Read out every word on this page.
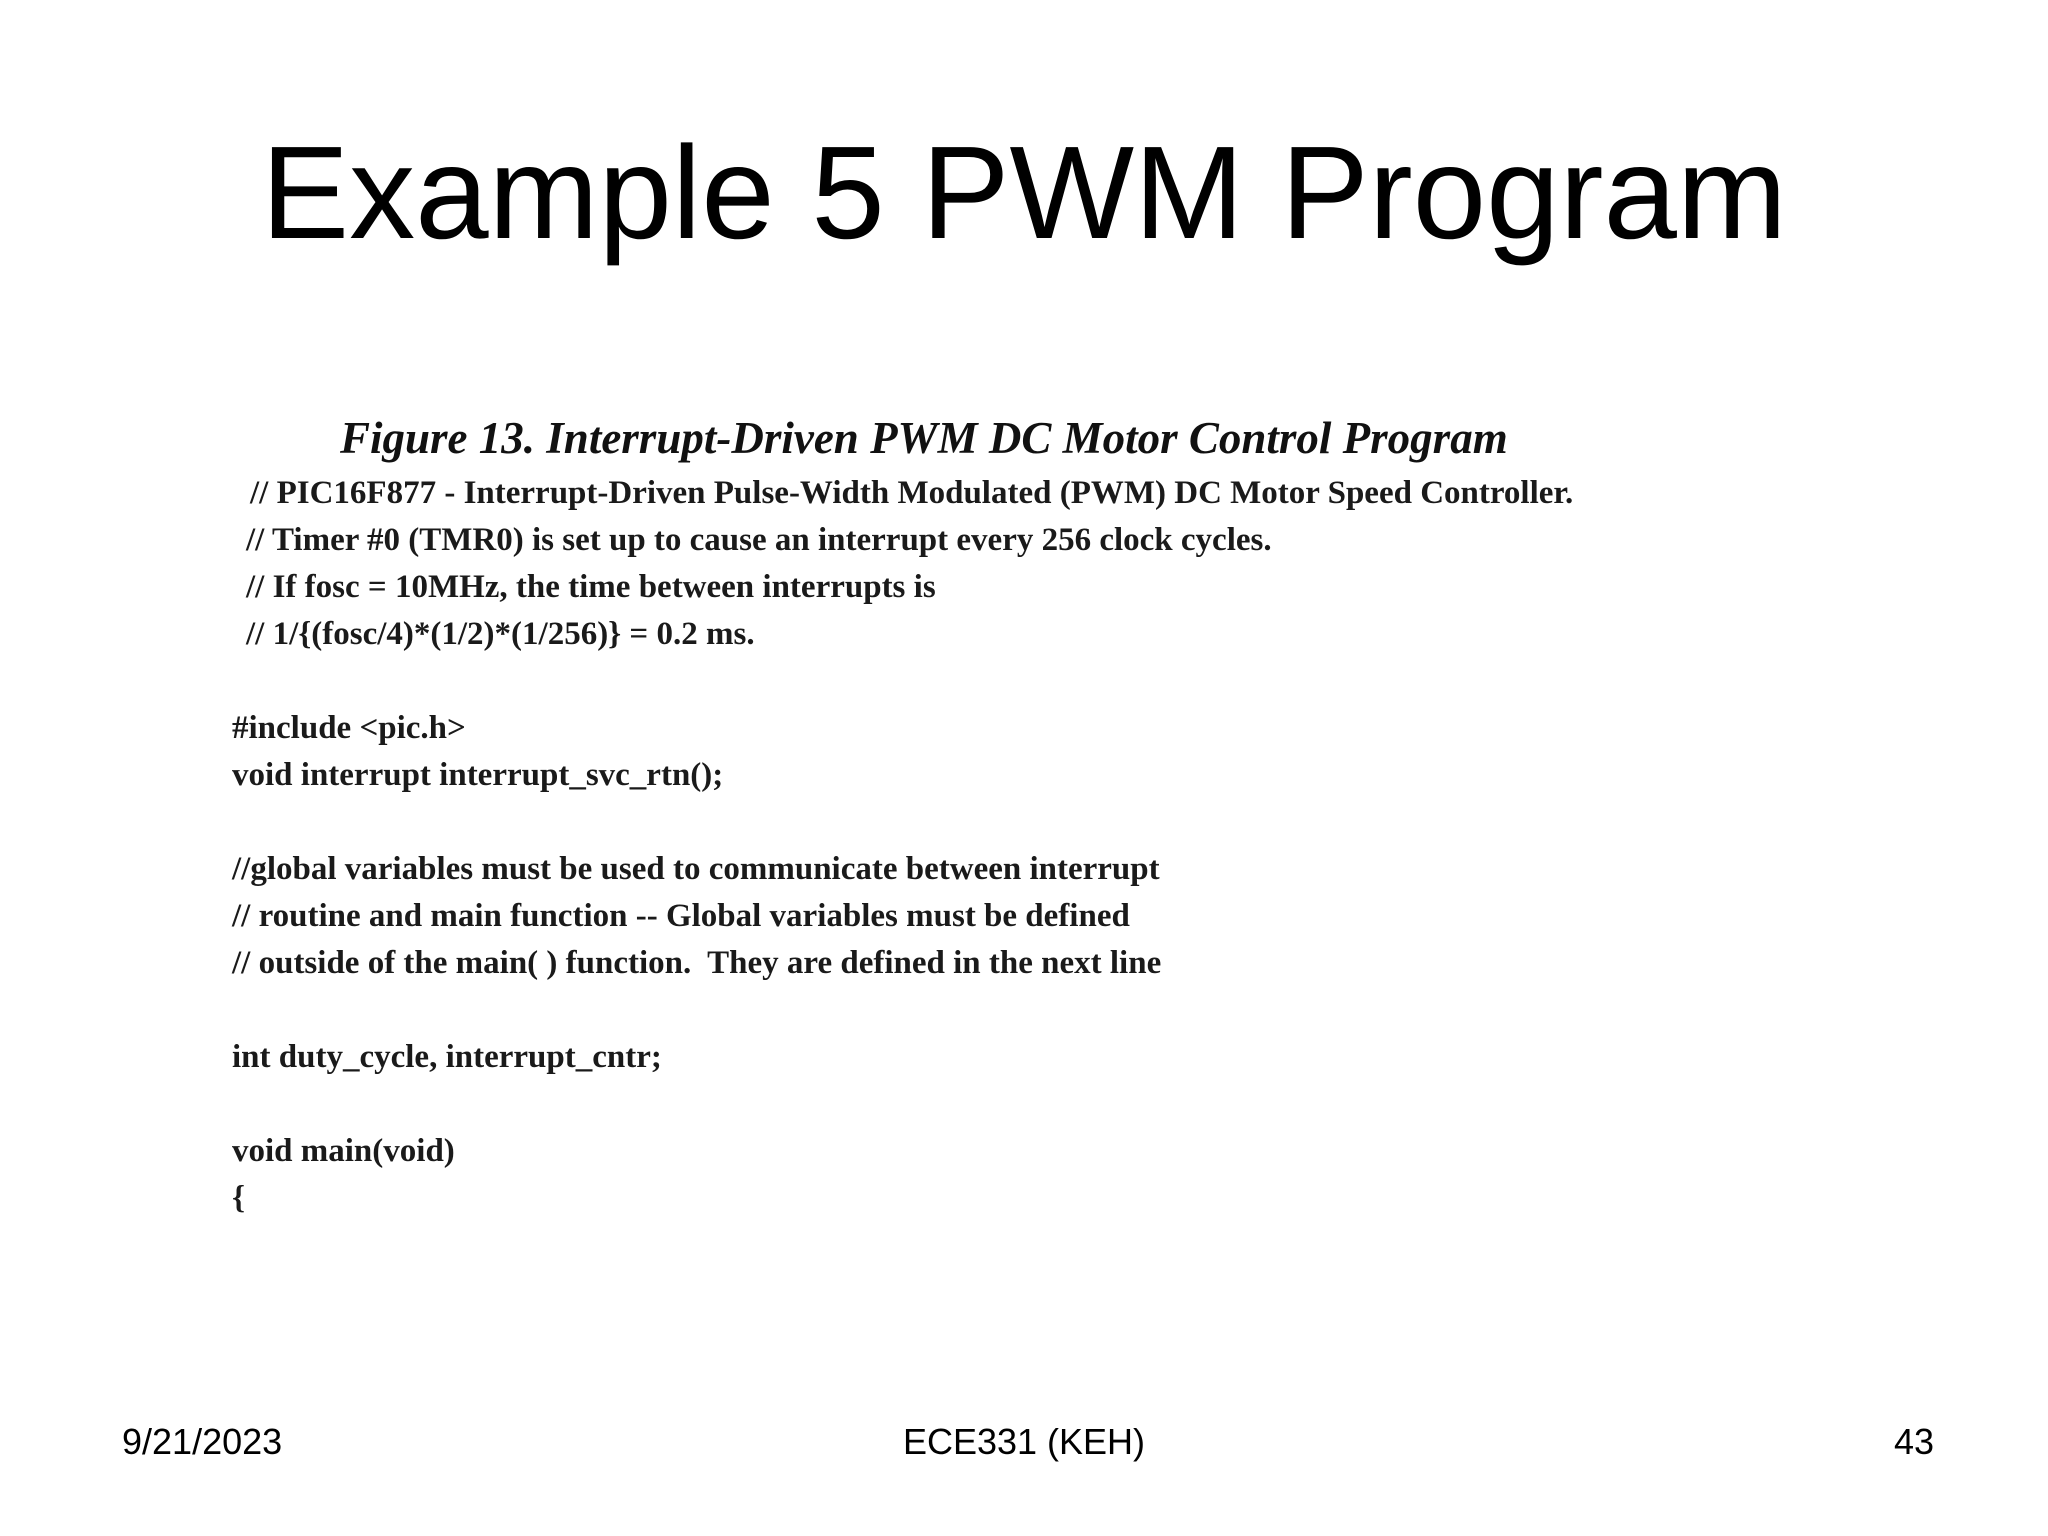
Example 5 PWM Program
Figure 13. Interrupt-Driven PWM DC Motor Control Program
// PIC16F877 - Interrupt-Driven Pulse-Width Modulated (PWM) DC Motor Speed Controller.
// Timer #0 (TMR0) is set up to cause an interrupt every 256 clock cycles.
// If fosc = 10MHz, the time between interrupts is
// 1/{(fosc/4)*(1/2)*(1/256)} = 0.2 ms.
#include <pic.h>
void interrupt interrupt_svc_rtn();
//global variables must be used to communicate between interrupt
// routine and main function -- Global variables must be defined
// outside of the main( ) function.  They are defined in the next line
int duty_cycle, interrupt_cntr;
void main(void)
{
9/21/2023	ECE331 (KEH)	43
